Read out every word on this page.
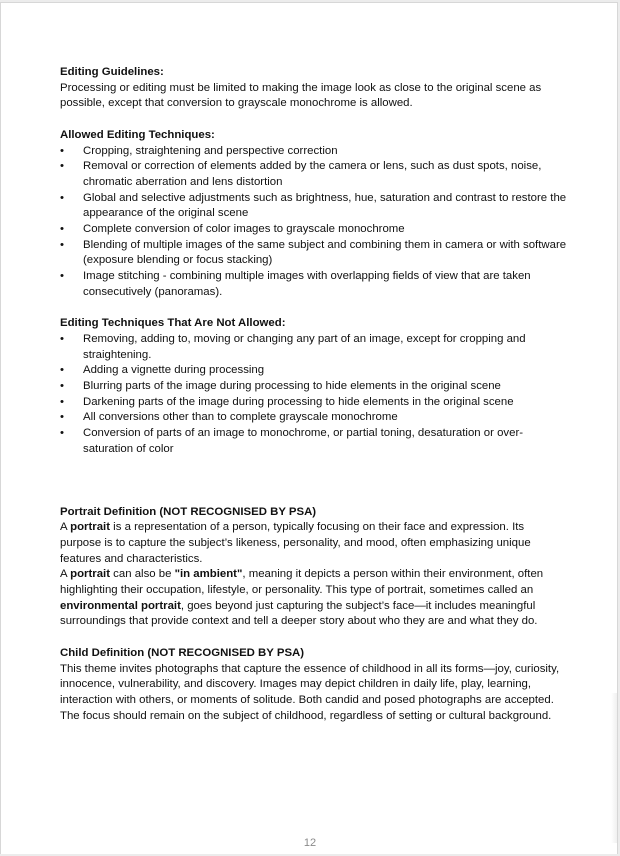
Editing Guidelines:

Processing or editing must be limited to making the image look as close to the original scene as possible, except that conversion to grayscale monochrome is allowed.

Allowed Editing Techniques:
•	Cropping, straightening and perspective correction
•	Removal or correction of elements added by the camera or lens, such as dust spots, noise, chromatic aberration and lens distortion
•	Global and selective adjustments such as brightness, hue, saturation and contrast to restore the appearance of the original scene
•	Complete conversion of color images to grayscale monochrome
•	Blending of multiple images of the same subject and combining them in camera or with software (exposure blending or focus stacking)
•	Image stitching - combining multiple images with overlapping fields of view that are taken consecutively (panoramas).
Editing Techniques That Are Not Allowed:
•	Removing, adding to, moving or changing any part of an image, except for cropping and straightening.
•	Adding a vignette during processing
•	Blurring parts of the image during processing to hide elements in the original scene
•	Darkening parts of the image during processing to hide elements in the original scene
•	All conversions other than to complete grayscale monochrome
•	Conversion of parts of an image to monochrome, or partial toning, desaturation or over-saturation of color
Portrait Definition (NOT RECOGNISED BY PSA)

A portrait is a representation of a person, typically focusing on their face and expression. Its purpose is to capture the subject’s likeness, personality, and mood, often emphasizing unique features and characteristics.

A portrait can also be "in ambient", meaning it depicts a person within their environment, often highlighting their occupation, lifestyle, or personality. This type of portrait, sometimes called an environmental portrait, goes beyond just capturing the subject’s face—it includes meaningful surroundings that provide context and tell a deeper story about who they are and what they do.

Child Definition (NOT RECOGNISED BY PSA)

This theme invites photographs that capture the essence of childhood in all its forms—joy, curiosity, innocence, vulnerability, and discovery. Images may depict children in daily life, play, learning, interaction with others, or moments of solitude. Both candid and posed photographs are accepted. The focus should remain on the subject of childhood, regardless of setting or cultural background.

12
